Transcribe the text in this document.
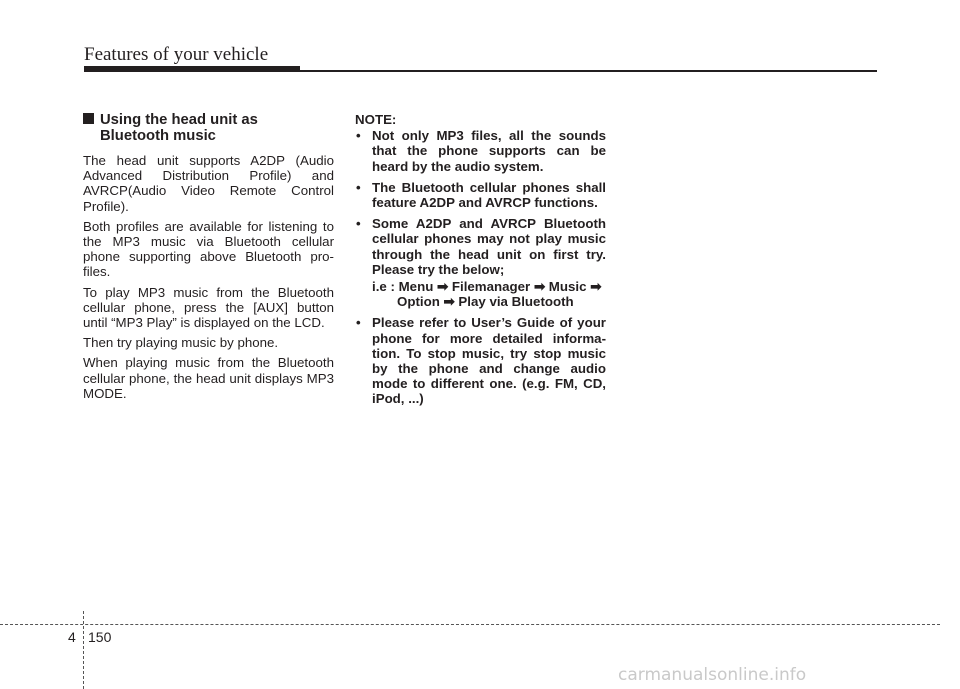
Features of your vehicle
Using the head unit as
Bluetooth music

The head unit supports A2DP (Audio Advanced Distribution Profile) and AVRCP(Audio Video Remote Control Profile).

Both profiles are available for listening to the MP3 music via Bluetooth cellular phone supporting above Bluetooth pro-files.

To play MP3 music from the Bluetooth cellular phone, press the [AUX] button until “MP3 Play” is displayed on the LCD.

Then try playing music by phone.

When playing music from the Bluetooth cellular phone, the head unit displays MP3 MODE.

NOTE:
• Not only MP3 files, all the sounds that the phone supports can be heard by the audio system.
• The Bluetooth cellular phones shall feature A2DP and AVRCP functions.
• Some A2DP and AVRCP Bluetooth cellular phones may not play music through the head unit on first try. Please try the below;
i.e : Menu ➡ Filemanager ➡ Music ➡
Option ➡ Play via Bluetooth
• Please refer to User’s Guide of your phone for more detailed informa-tion. To stop music, try stop music by the phone and change audio mode to different one. (e.g. FM, CD, iPod, ...)
4 150
carmanualsonline.info
